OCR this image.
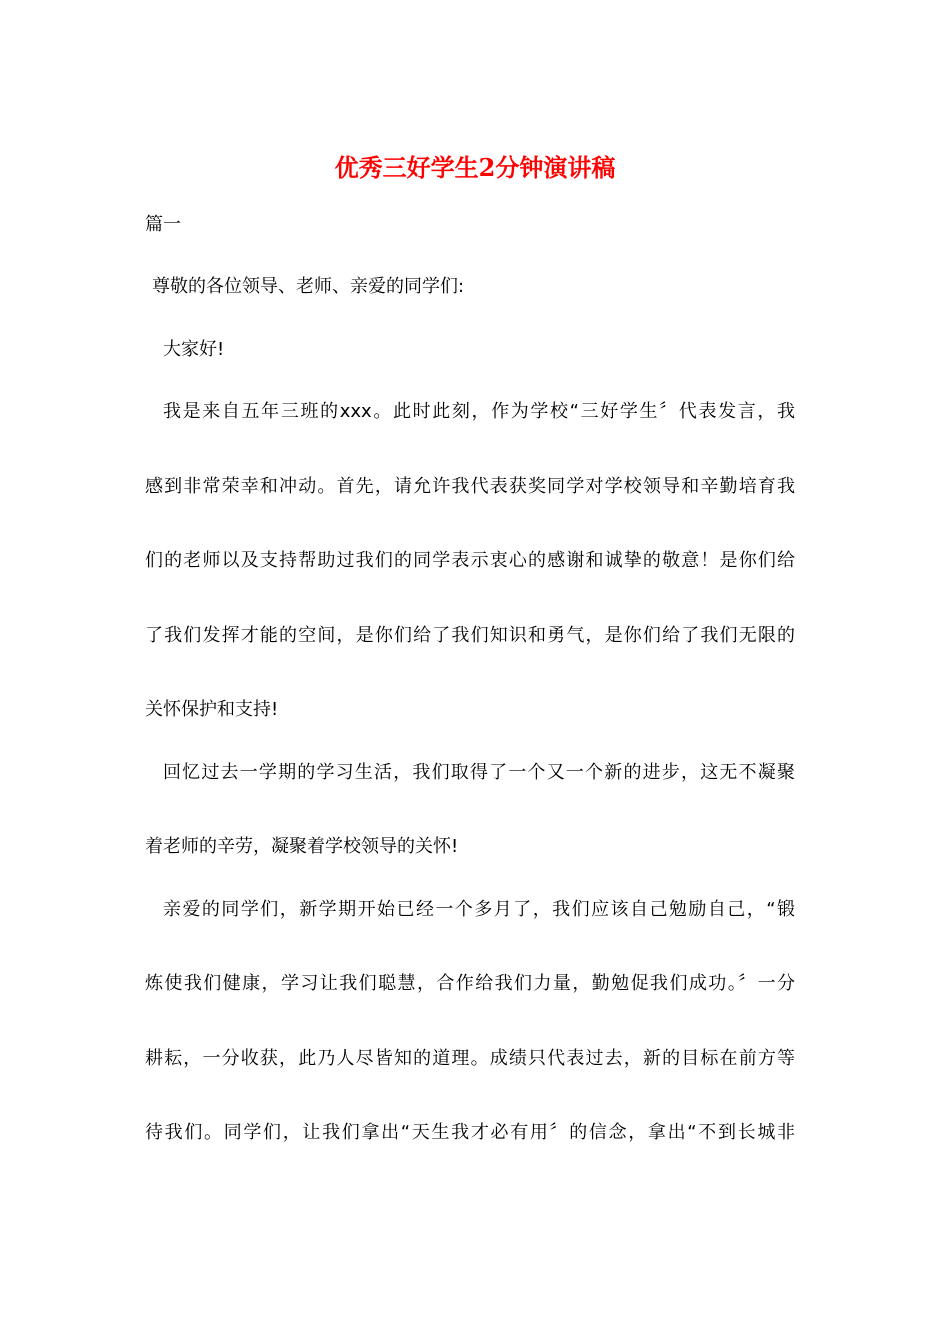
优秀三好学生2分钟演讲稿

篇一

尊敬的各位领导、老师、亲爱的同学们:

大家好!

我是来自五年三班的xxx。此时此刻，作为学校“三好学生〞代表发言，我

感到非常荣幸和冲动。首先，请允许我代表获奖同学对学校领导和辛勤培育我

们的老师以及支持帮助过我们的同学表示衷心的感谢和诚挚的敬意！是你们给

了我们发挥才能的空间，是你们给了我们知识和勇气，是你们给了我们无限的

关怀保护和支持!

回忆过去一学期的学习生活，我们取得了一个又一个新的进步，这无不凝聚

着老师的辛劳，凝聚着学校领导的关怀!

亲爱的同学们，新学期开始已经一个多月了，我们应该自己勉励自己，“锻

炼使我们健康，学习让我们聪慧，合作给我们力量，勤勉促我们成功。〞一分

耕耘，一分收获，此乃人尽皆知的道理。成绩只代表过去，新的目标在前方等

待我们。同学们，让我们拿出“天生我才必有用〞的信念，拿出“不到长城非
